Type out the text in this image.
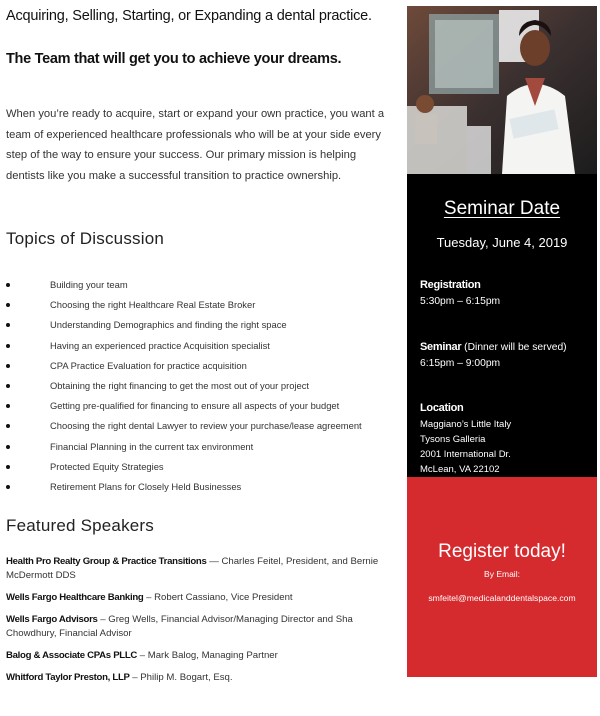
Acquiring, Selling, Starting, or Expanding a dental practice.
The Team that will get you to achieve your dreams.
When you’re ready to acquire, start or expand your own practice, you want a team of experienced healthcare professionals who will be at your side every step of the way to ensure your success. Our primary mission is helping dentists like you make a successful transition to practice ownership.
Topics of Discussion
Building your team
Choosing the right Healthcare Real Estate Broker
Understanding Demographics and finding the right space
Having an experienced practice Acquisition specialist
CPA Practice Evaluation for practice acquisition
Obtaining the right financing to get the most out of your project
Getting pre-qualified for financing to ensure all aspects of your budget
Choosing the right dental Lawyer to review your purchase/lease agreement
Financial Planning in the current tax environment
Protected Equity Strategies
Retirement Plans for Closely Held Businesses
Featured Speakers
Health Pro Realty Group & Practice Transitions — Charles Feitel, President, and Bernie McDermott DDS
Wells Fargo Healthcare Banking – Robert Cassiano, Vice President
Wells Fargo Advisors – Greg Wells, Financial Advisor/Managing Director and Sha Chowdhury, Financial Advisor
Balog & Associate CPAs PLLC – Mark Balog, Managing Partner
Whitford Taylor Preston, LLP – Philip M. Bogart, Esq.
Seminar Date
Tuesday, June 4, 2019
Registration
5:30pm – 6:15pm
Seminar (Dinner will be served)
6:15pm – 9:00pm
Location

Maggiano’s Little Italy
Tysons Galleria
2001 International Dr.
McLean, VA 22102
Register today!
By Email:
smfeitel@medicalanddentalspace.com
